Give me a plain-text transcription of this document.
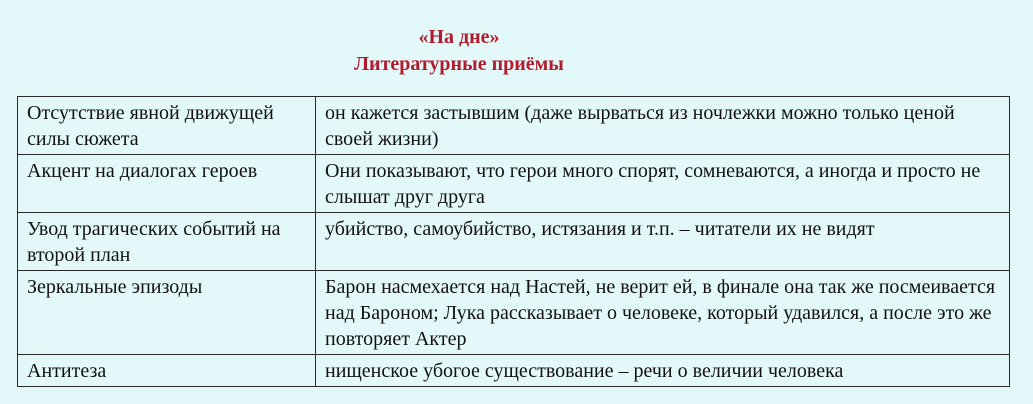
«На дне»
Литературные приёмы
Отсутствие явной движущей силы сюжета	он кажется застывшим (даже вырваться из ночлежки можно только ценой своей жизни)
Акцент на диалогах героев	Они показывают, что герои много спорят, сомневаются, а иногда и просто не слышат друг друга
Увод трагических событий на второй план	убийство, самоубийство, истязания и т.п. – читатели их не видят
Зеркальные эпизоды	Барон насмехается над Настей, не верит ей, в финале она так же посмеивается над Бароном; Лука рассказывает о человеке, который удавился, а после это же повторяет Актер
Антитеза	нищенское убогое существование – речи о величии человека
